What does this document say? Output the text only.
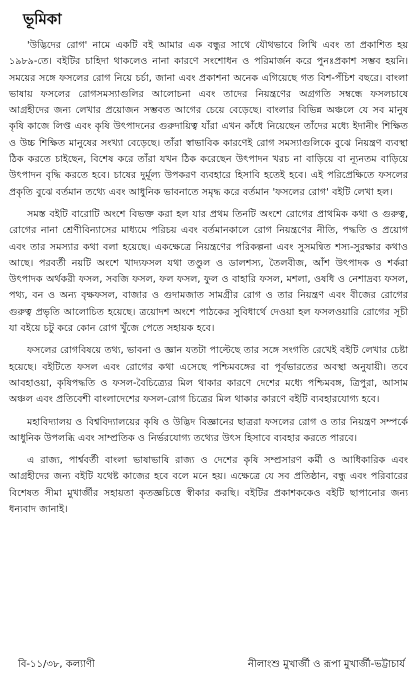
ভূমিকা

'উদ্ভিদের রোগ' নামে একটি বই আমার এক বন্ধুর সাথে যৌথভাবে লিখি এবং তা প্রকাশিত হয় ১৯৮৯-তে। বইটির চাহিদা থাকলেও নানা কারণে সংশোধন ও পরিমার্জন করে পুনঃপ্রকাশ সম্ভব হয়নি। সময়ের সঙ্গে ফসলের রোগ নিয়ে চর্চা, জানা এবং প্রকাশনা অনেক এগিয়েছে গত বিশ-পঁচিশ বছরে। বাংলা ভাষায় ফসলের রোগসমস্যাগুলির আলোচনা এবং তাদের নিয়ন্ত্রণের অগ্রগতি সম্বন্ধে ফসলচাষে আগ্রহীদের জন্য লেখার প্রয়োজন সম্ভবত আগের চেয়ে বেড়েছে। বাংলার বিভিন্ন অঞ্চলে যে সব মানুষ কৃষি কাজে লিপ্ত এবং কৃষি উৎপাদনের গুরুদায়িত্ব যাঁরা এখন কাঁধে নিয়েছেন তাঁদের মধ্যে ইদানীং শিক্ষিত ও উচ্চ শিক্ষিত মানুষের সংখ্যা বেড়েছে। তাঁরা স্বাভাবিক কারণেই রোগ সমস্যাগুলিকে বুঝে নিয়ন্ত্রণ ব্যবস্থা ঠিক করতে চাইছেন, বিশেষ করে তাঁরা যখন ঠিক করেছেন উৎপাদন খরচ না বাড়িয়ে বা ন্যূনতম বাড়িয়ে উৎপাদন বৃদ্ধি করতে হবে। চাষের দুর্মূল্য উপকরণ ব্যবহারে হিসাবি হতেই হবে। এই পরিপ্রেক্ষিতে ফসলের প্রকৃতি বুঝে বর্তমান তথ্যে এবং আধুনিক ভাবনাতে সমৃদ্ধ করে বর্তমান 'ফসলের রোগ' বইটি লেখা হল।

সমস্ত বইটি বারোটি অংশে বিভক্ত করা হল যার প্রথম তিনটি অংশে রোগের প্রাথমিক কথা ও গুরুত্ব, রোগের নানা শ্রেণীবিন্যাসের মাধ্যমে পরিচয় এবং বর্তমানকালে রোগ নিয়ন্ত্রণের নীতি, পদ্ধতি ও প্রয়োগ এবং তার সমস্যার কথা বলা হয়েছে। একক্ষেত্রে নিয়ন্ত্রণের পরিকল্পনা এবং সুসমন্বিত শস্য-সুরক্ষার কথাও আছে। পরবর্তী নয়টি অংশে খাদ্যফসল যথা তণ্ডুল ও ডালশস্য, তৈলবীজ, আঁশ উৎপাদক ও শর্করা উৎপাদক অর্থকরী ফসল, সবজি ফসল, ফল ফসল, ফুল ও বাহারি ফসল, মশলা, ওষধি ও নেশাদ্রব্য ফসল, পথ্য, বন ও অন্য বৃক্ষফসল, বাজার ও গুদামজাত সামগ্রীর রোগ ও তার নিয়ন্ত্রণ এবং বীজের রোগের গুরুত্ব প্রভৃতি আলোচিত হয়েছে। ত্রয়োদশ অংশে পাঠকের সুবিধার্থে দেওয়া হল ফসলওয়ারি রোগের সূচী যা বইয়ে চটু করে কোন রোগ খুঁজে পেতে সহায়ক হবে।

ফসলের রোগবিষয়ে তথ্য, ভাবনা ও জ্ঞান যতটা পাল্টেছে তার সঙ্গে সংগতি রেখেই বইটি লেখার চেষ্টা হয়েছে। বইটিতে ফসল এবং রোগের কথা এসেছে পশ্চিমবঙ্গের বা পূর্বভারতের অবস্থা অনুযায়ী। তবে আবহাওয়া, কৃষিপদ্ধতি ও ফসল-বৈচিত্র্যের মিল থাকার কারণে দেশের মধ্যে পশ্চিমবঙ্গ, ত্রিপুরা, আসাম অঞ্চল এবং প্রতিবেশী বাংলাদেশের ফসল-রোগ চিত্রের মিল থাকার কারণে বইটি ব্যবহারযোগ্য হবে।

মহাবিদ্যালয় ও বিশ্ববিদ্যালয়ের কৃষি ও উদ্ভিদ বিজ্ঞানের ছাত্ররা ফসলের রোগ ও তার নিয়ন্ত্রণ সম্পর্কে আধুনিক উপলব্ধি এবং সাম্প্রতিক ও নির্ভরযোগ্য তথ্যের উৎস হিসাবে ব্যবহার করতে পারবে।

এ রাজ্য, পার্শ্ববর্তী বাংলা ভাষাভাষি রাজ্য ও দেশের কৃষি সম্প্রসারণ কর্মী ও আধিকারিক এবং আগ্রহীদের জন্য বইটি যথেষ্ট কাজের হবে বলে মনে হয়। এক্ষেত্রে যে সব প্রতিষ্ঠান, বন্ধু এবং পরিবারের বিশেষত সীমা মুখার্জীর সহায়তা কৃতজ্ঞচিত্তে স্বীকার করছি। বইটির প্রকাশককেও বইটি ছাপানোর জন্য ধন্যবাদ জানাই।

বি-১১/৩৮, কল্যাণী	নীলাংশু মুখার্জী ও রূপা মুখার্জী-ভট্টাচার্য
